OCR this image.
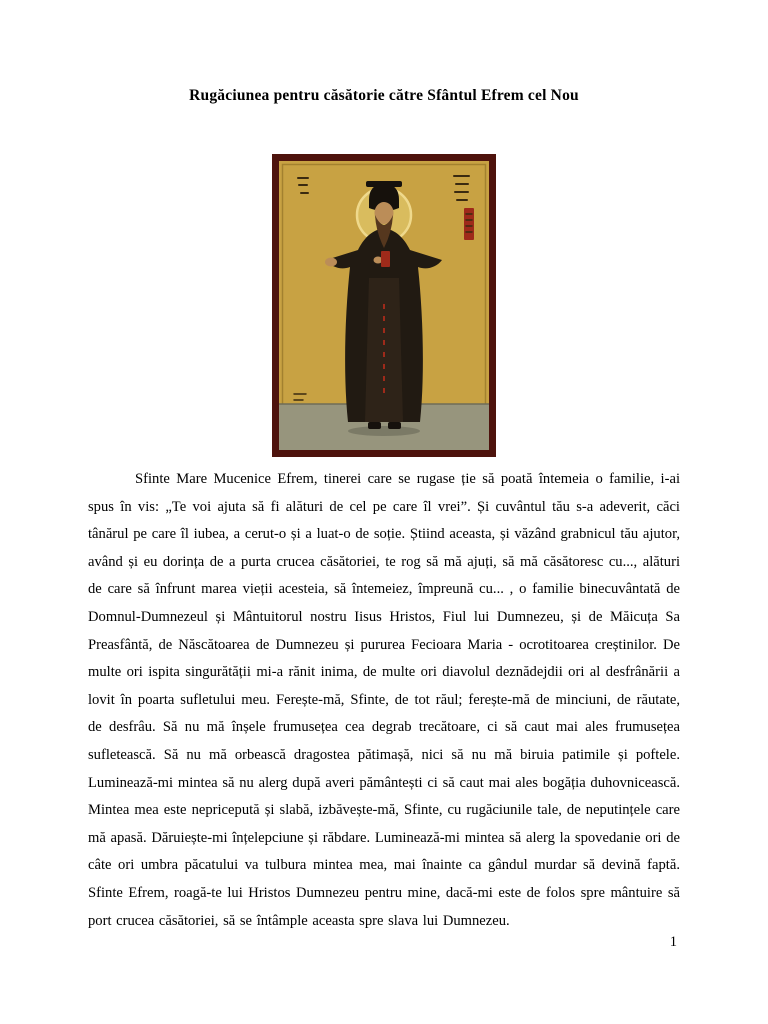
Rugăciunea pentru căsătorie către Sfântul Efrem cel Nou

Sfinte Mare Mucenice Efrem, tinerei care se rugase ție să poată întemeia o familie, i-ai spus în vis: „Te voi ajuta să fi alături de cel pe care îl vrei”. Și cuvântul tău s-a adeverit, căci tânărul pe care îl iubea, a cerut-o și a luat-o de soție. Știind aceasta, și văzând grabnicul tău ajutor, având și eu dorința de a purta crucea căsătoriei, te rog să mă ajuți, să mă căsătoresc cu..., alături de care să înfrunt marea vieții acesteia, să întemeiez, împreună cu... , o familie binecuvântată de Domnul-Dumnezeul și Mântuitorul nostru Iisus Hristos, Fiul lui Dumnezeu, și de Măicuța Sa Preasfântă, de Născătoarea de Dumnezeu și pururea Fecioara Maria - ocrotitoarea creștinilor. De multe ori ispita singurătății mi-a rănit inima, de multe ori diavolul deznădejdii ori al desfrânării a lovit în poarta sufletului meu. Ferește-mă, Sfinte, de tot răul; ferește-mă de minciuni, de răutate, de desfrâu. Să nu mă înșele frumusețea cea degrab trecătoare, ci să caut mai ales frumusețea sufletească. Să nu mă orbească dragostea pătimașă, nici să nu mă biruia patimile și poftele. Luminează-mi mintea să nu alerg după averi pământești ci să caut mai ales bogăția duhovnicească. Mintea mea este nepricepută și slabă, izbăvește-mă, Sfinte, cu rugăciunile tale, de neputințele care mă apasă. Dăruiește-mi înțelepciune și răbdare. Luminează-mi mintea să alerg la spovedanie ori de câte ori umbra păcatului va tulbura mintea mea, mai înainte ca gândul murdar să devină faptă. Sfinte Efrem, roagă-te lui Hristos Dumnezeu pentru mine, dacă-mi este de folos spre mântuire să port crucea căsătoriei, să se întâmple aceasta spre slava lui Dumnezeu.

1
